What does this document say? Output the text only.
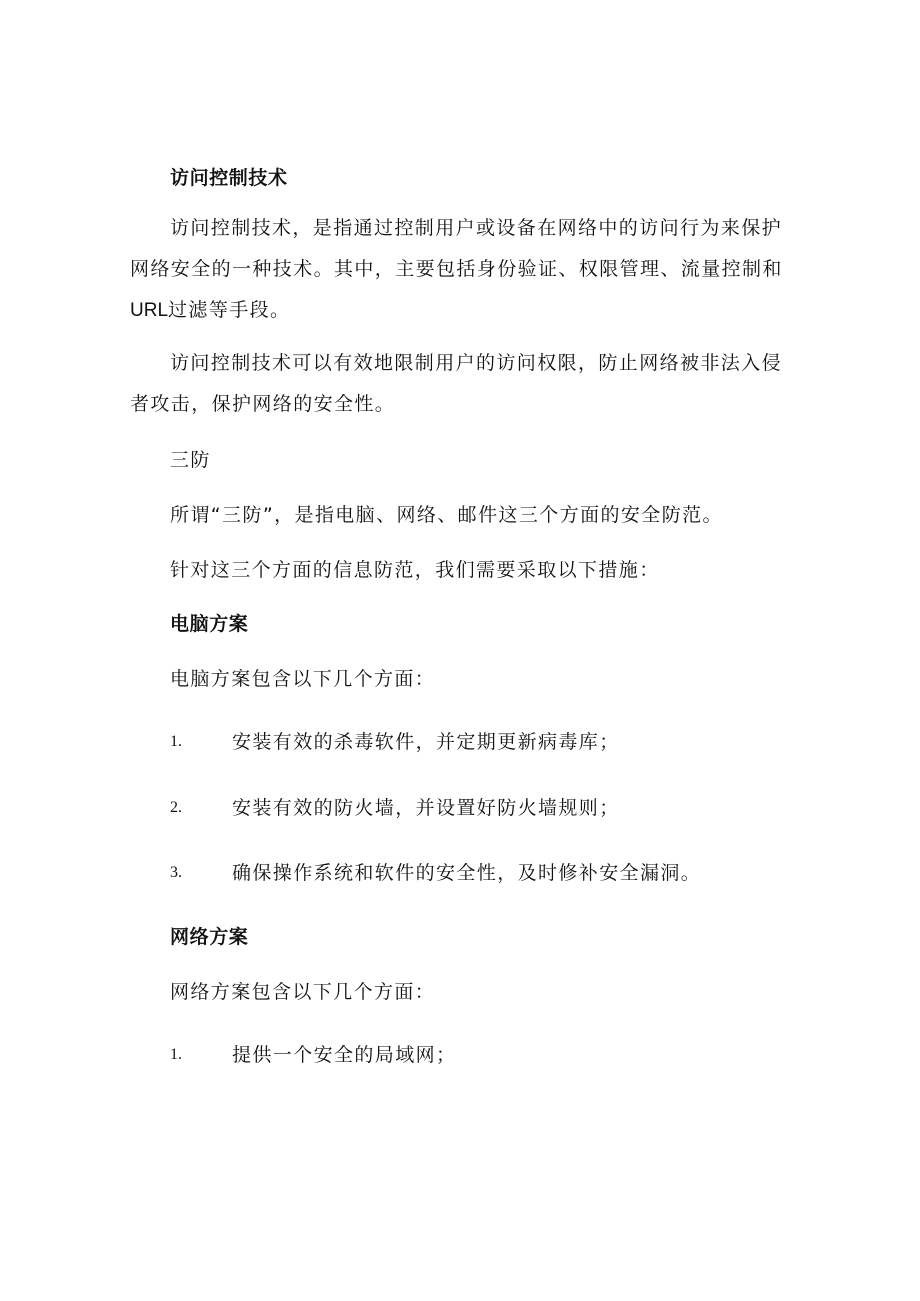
访问控制技术
访问控制技术，是指通过控制用户或设备在网络中的访问行为来保护
网络安全的一种技术。其中，主要包括身份验证、权限管理、流量控制和
URL过滤等手段。
访问控制技术可以有效地限制用户的访问权限，防止网络被非法入侵
者攻击，保护网络的安全性。
三防
所谓“三防”，是指电脑、网络、邮件这三个方面的安全防范。
针对这三个方面的信息防范，我们需要采取以下措施：
电脑方案
电脑方案包含以下几个方面：
1.	安装有效的杀毒软件，并定期更新病毒库；
2.	安装有效的防火墙，并设置好防火墙规则；
3.	确保操作系统和软件的安全性，及时修补安全漏洞。
网络方案
网络方案包含以下几个方面：
1.	提供一个安全的局域网；
